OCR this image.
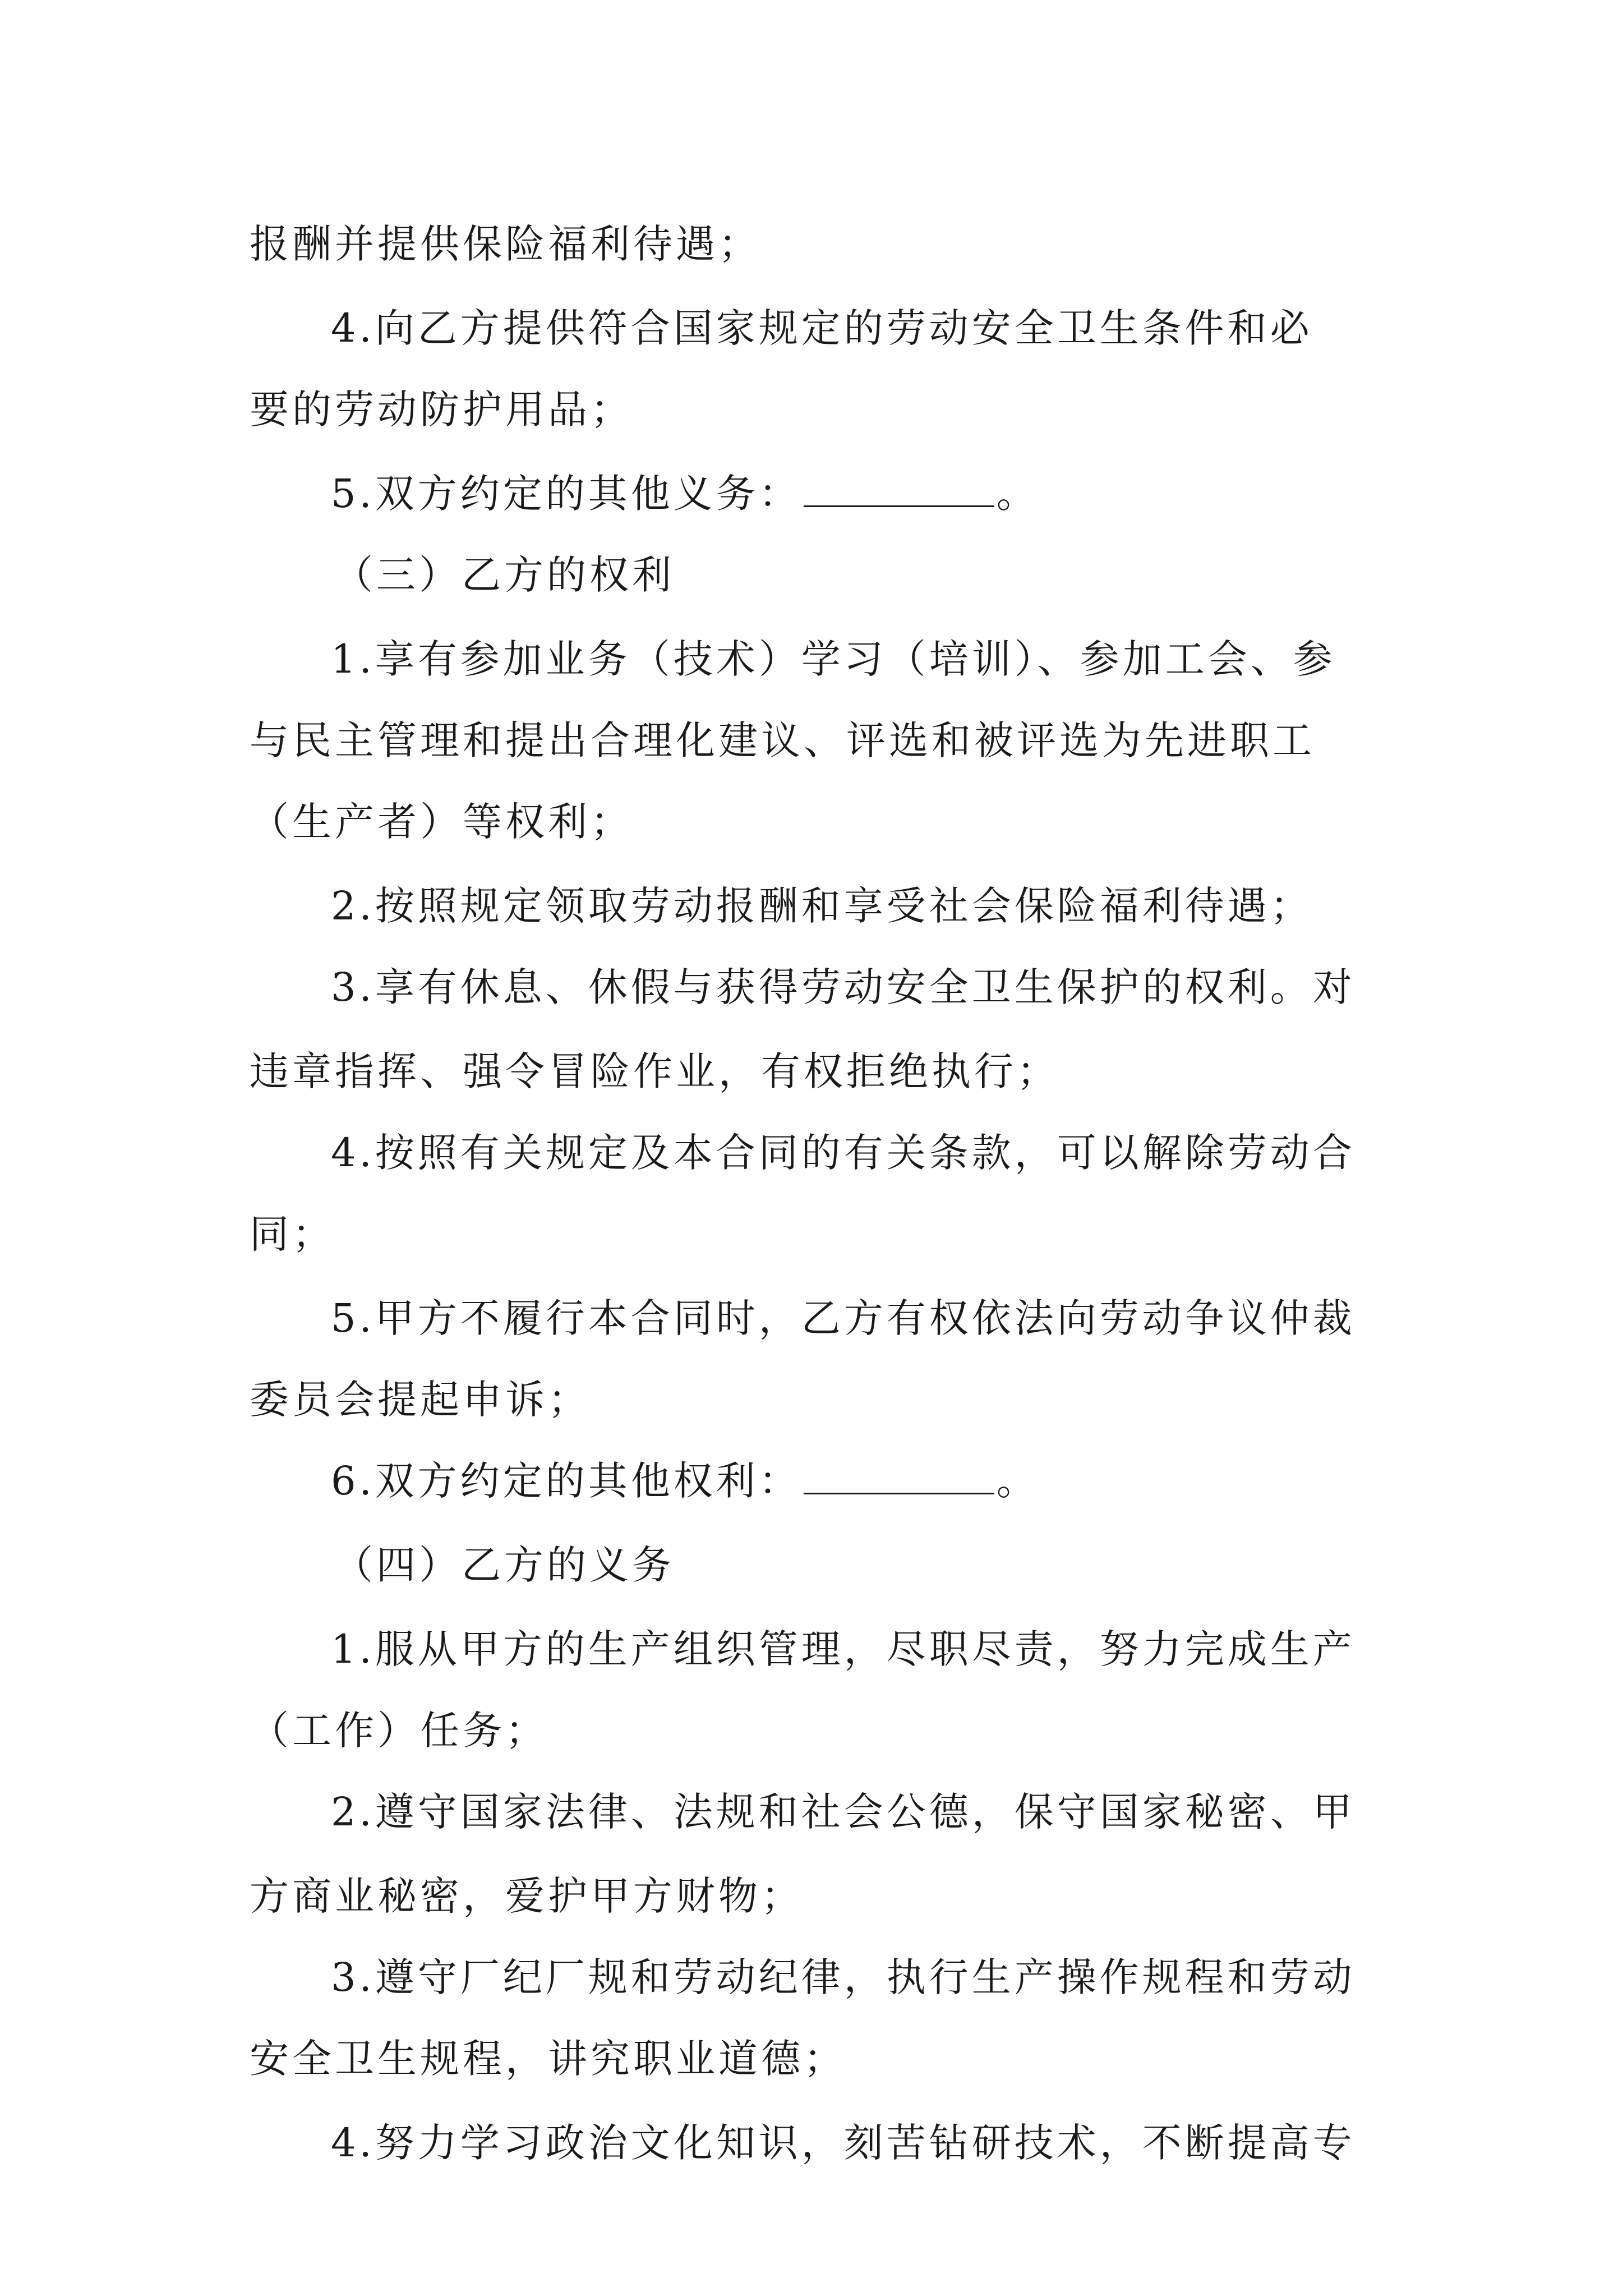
报酬并提供保险福利待遇；
4.向乙方提供符合国家规定的劳动安全卫生条件和必
要的劳动防护用品；
5.双方约定的其他义务：	。
（三）乙方的权利
1.享有参加业务（技术）学习（培训）、参加工会、参
与民主管理和提出合理化建议、评选和被评选为先进职工
（生产者）等权利；
2.按照规定领取劳动报酬和享受社会保险福利待遇；
3.享有休息、休假与获得劳动安全卫生保护的权利。对
违章指挥、强令冒险作业，有权拒绝执行；
4.按照有关规定及本合同的有关条款，可以解除劳动合
同；
5.甲方不履行本合同时，乙方有权依法向劳动争议仲裁
委员会提起申诉；
6.双方约定的其他权利：	。
（四）乙方的义务
1.服从甲方的生产组织管理，尽职尽责，努力完成生产
（工作）任务；
2.遵守国家法律、法规和社会公德，保守国家秘密、甲
方商业秘密，爱护甲方财物；
3.遵守厂纪厂规和劳动纪律，执行生产操作规程和劳动
安全卫生规程，讲究职业道德；
4.努力学习政治文化知识，刻苦钻研技术，不断提高专
